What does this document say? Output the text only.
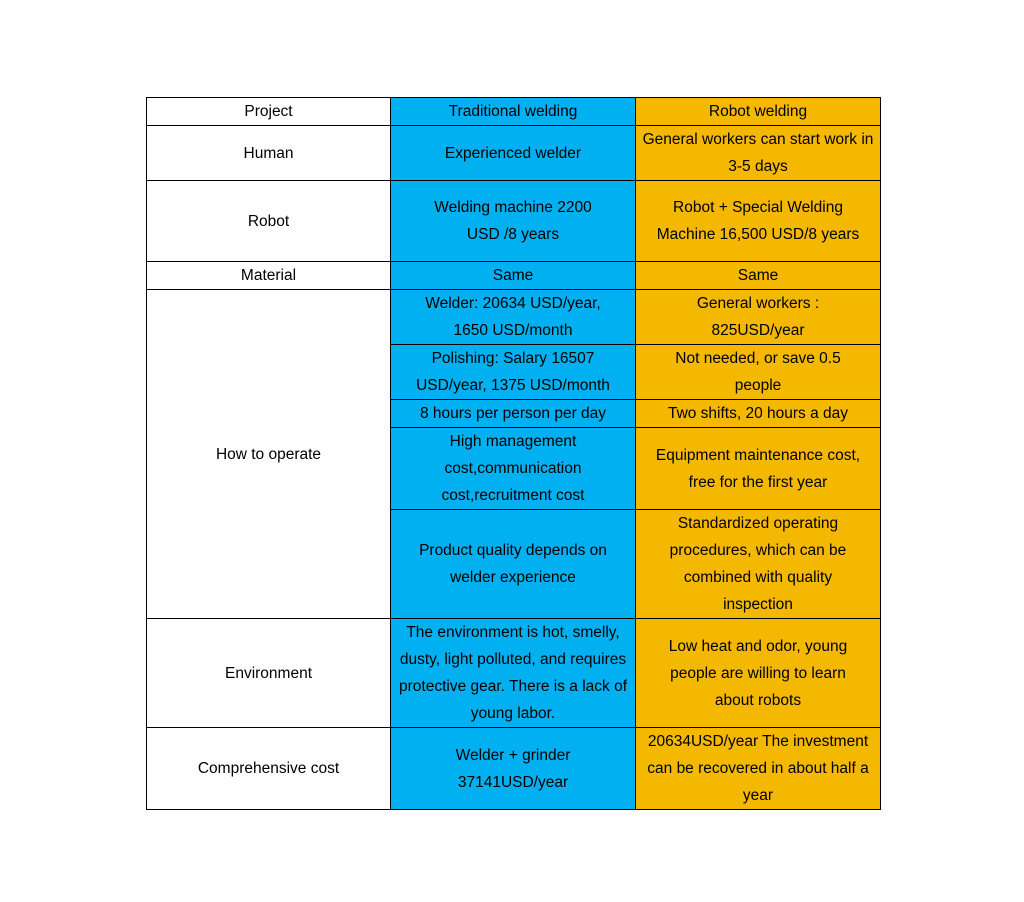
Project	Traditional welding	Robot welding
Human	Experienced welder	General workers can start work in 3-5 days
Robot	Welding machine 2200 USD /8 years	Robot + Special Welding Machine 16,500 USD/8 years
Material	Same	Same
How to operate	Welder: 20634 USD/year, 1650 USD/month	General workers : 825USD/year
	Polishing: Salary 16507 USD/year, 1375 USD/month	Not needed, or save 0.5 people
	8 hours per person per day	Two shifts, 20 hours a day
	High management cost,communication cost,recruitment cost	Equipment maintenance cost, free for the first year
	Product quality depends on welder experience	Standardized operating procedures, which can be combined with quality inspection
Environment	The environment is hot, smelly, dusty, light polluted, and requires protective gear. There is a lack of young labor.	Low heat and odor, young people are willing to learn about robots
Comprehensive cost	Welder + grinder 37141USD/year	20634USD/year The investment can be recovered in about half a year
